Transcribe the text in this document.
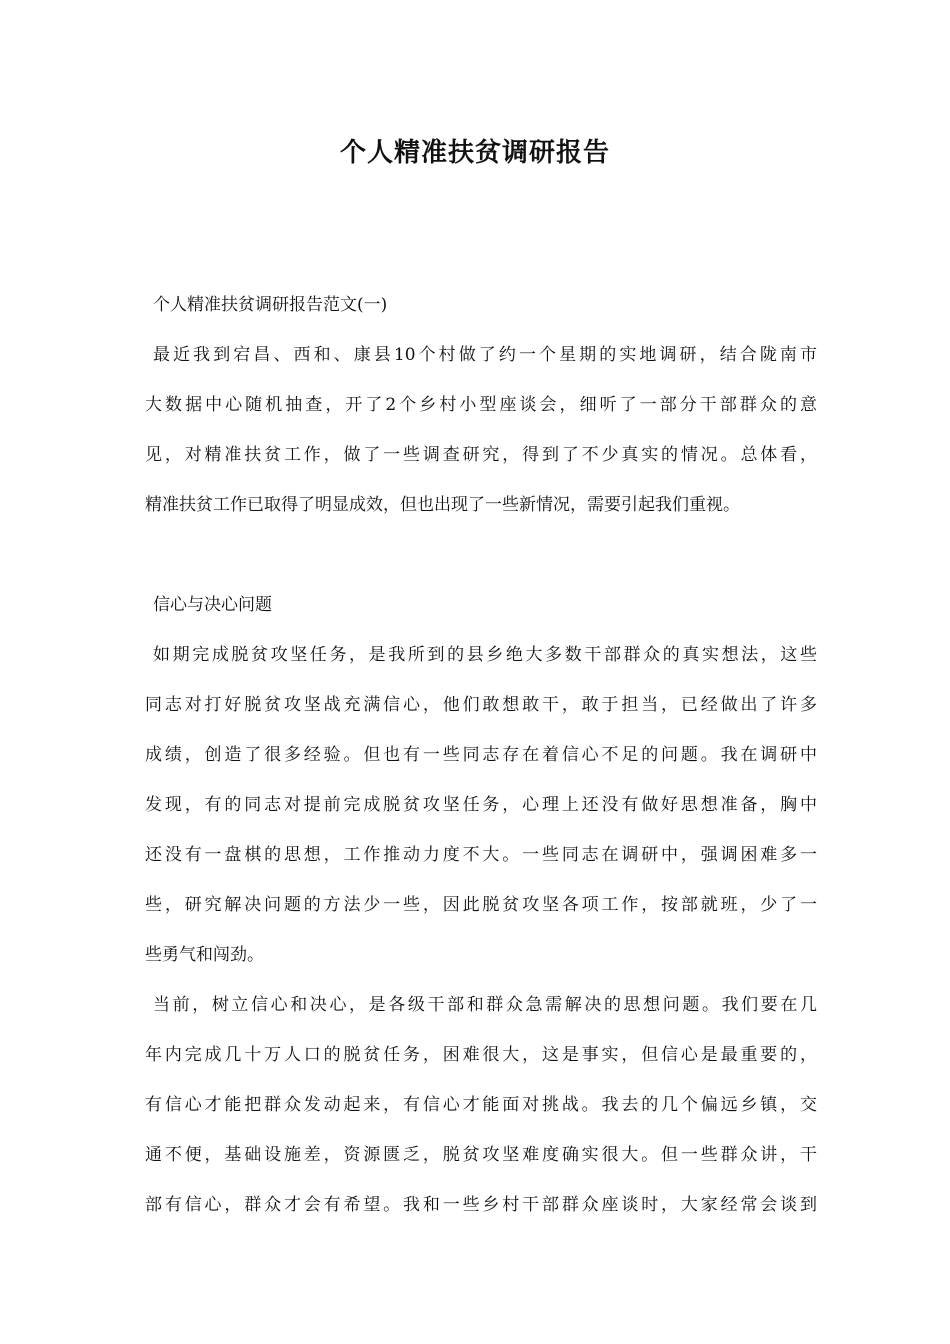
个人精准扶贫调研报告
个人精准扶贫调研报告范文(一)
最近我到宕昌、西和、康县10个村做了约一个星期的实地调研，结合陇南市
大数据中心随机抽查，开了2个乡村小型座谈会，细听了一部分干部群众的意
见，对精准扶贫工作，做了一些调查研究，得到了不少真实的情况。总体看，
精准扶贫工作已取得了明显成效，但也出现了一些新情况，需要引起我们重视。
信心与决心问题
如期完成脱贫攻坚任务，是我所到的县乡绝大多数干部群众的真实想法，这些
同志对打好脱贫攻坚战充满信心，他们敢想敢干，敢于担当，已经做出了许多
成绩，创造了很多经验。但也有一些同志存在着信心不足的问题。我在调研中
发现，有的同志对提前完成脱贫攻坚任务，心理上还没有做好思想准备，胸中
还没有一盘棋的思想，工作推动力度不大。一些同志在调研中，强调困难多一
些，研究解决问题的方法少一些，因此脱贫攻坚各项工作，按部就班，少了一
些勇气和闯劲。
当前，树立信心和决心，是各级干部和群众急需解决的思想问题。我们要在几
年内完成几十万人口的脱贫任务，困难很大，这是事实，但信心是最重要的，
有信心才能把群众发动起来，有信心才能面对挑战。我去的几个偏远乡镇，交
通不便，基础设施差，资源匮乏，脱贫攻坚难度确实很大。但一些群众讲，干
部有信心，群众才会有希望。我和一些乡村干部群众座谈时，大家经常会谈到
